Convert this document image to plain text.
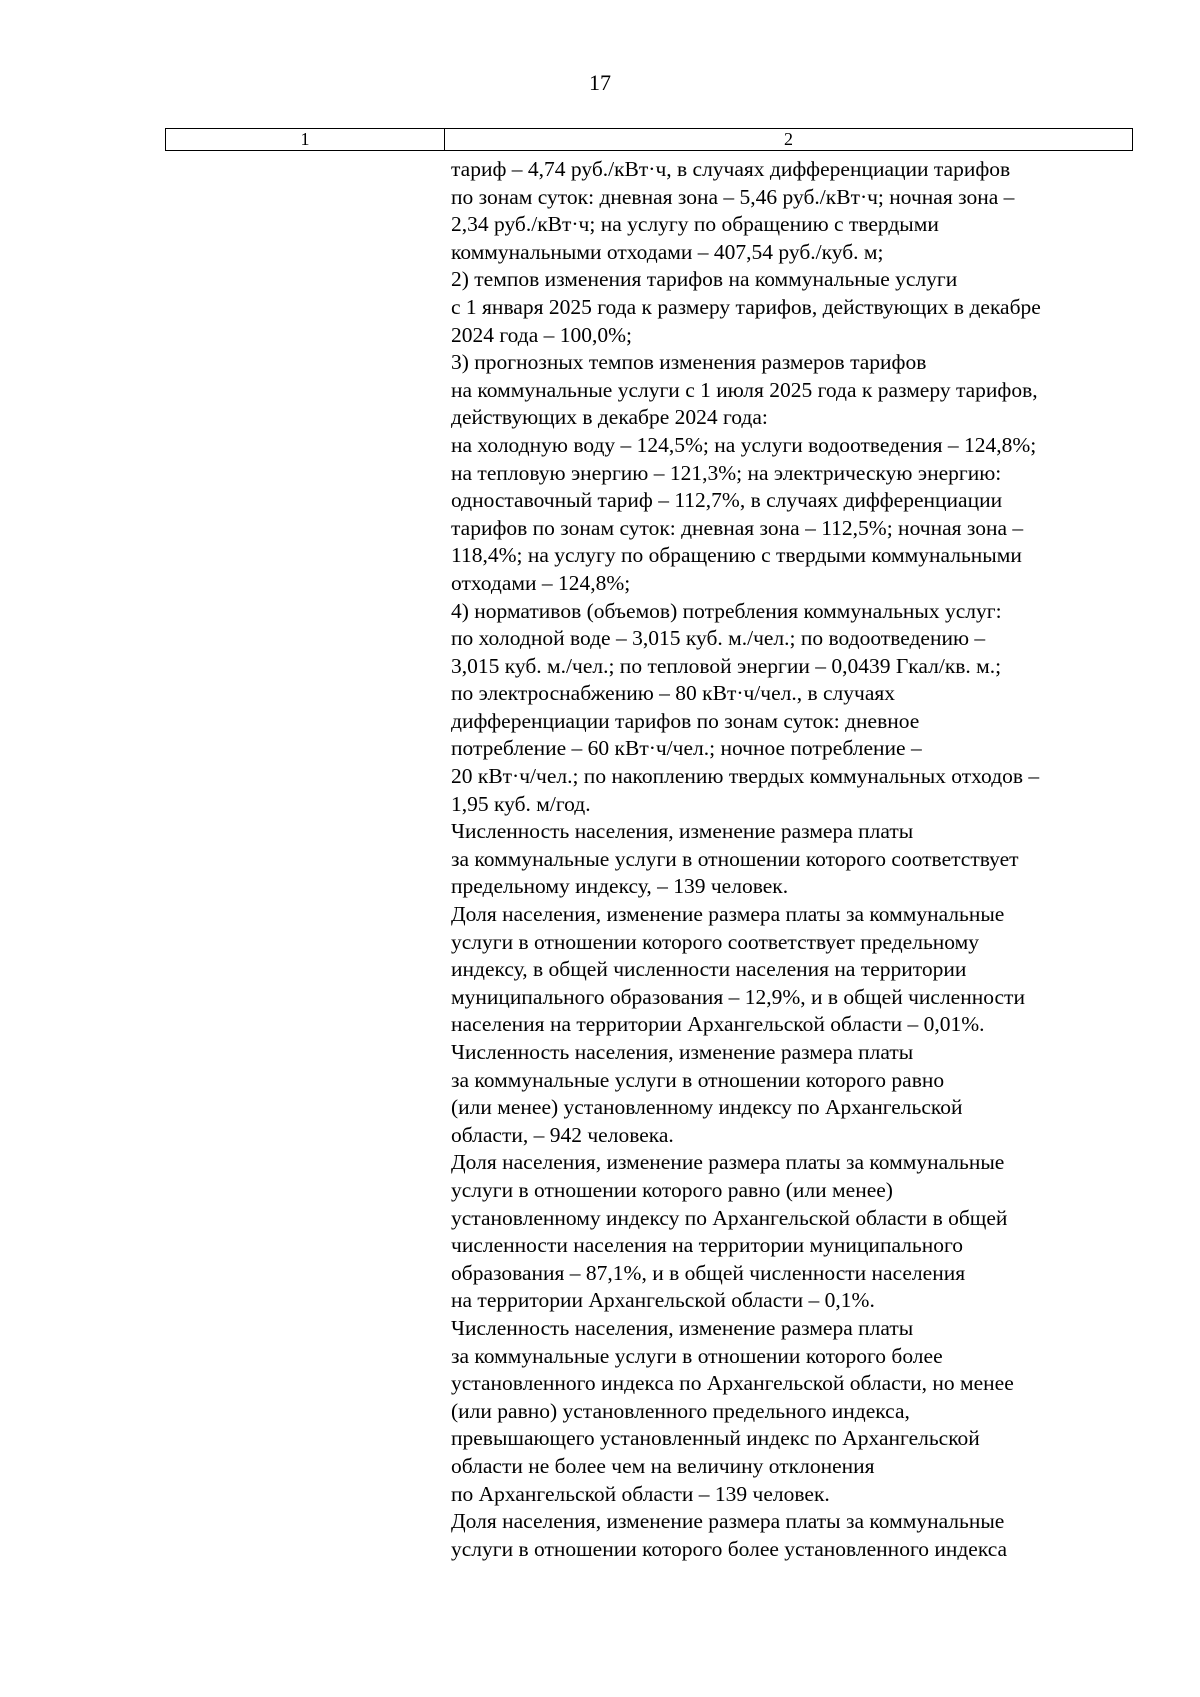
17
1	2
тариф – 4,74 руб./кВт·ч, в случаях дифференциации тарифов
по зонам суток: дневная зона – 5,46 руб./кВт·ч; ночная зона –
2,34 руб./кВт·ч; на услугу по обращению с твердыми
коммунальными отходами – 407,54 руб./куб. м;
2) темпов изменения тарифов на коммунальные услуги
с 1 января 2025 года к размеру тарифов, действующих в декабре
2024 года – 100,0%;
3) прогнозных темпов изменения размеров тарифов
на коммунальные услуги с 1 июля 2025 года к размеру тарифов,
действующих в декабре 2024 года:
на холодную воду – 124,5%; на услуги водоотведения – 124,8%;
на тепловую энергию – 121,3%; на электрическую энергию:
одноставочный тариф – 112,7%, в случаях дифференциации
тарифов по зонам суток: дневная зона – 112,5%; ночная зона –
118,4%; на услугу по обращению с твердыми коммунальными
отходами – 124,8%;
4) нормативов (объемов) потребления коммунальных услуг:
по холодной воде – 3,015 куб. м./чел.; по водоотведению –
3,015 куб. м./чел.; по тепловой энергии – 0,0439 Гкал/кв. м.;
по электроснабжению – 80 кВт·ч/чел., в случаях
дифференциации тарифов по зонам суток: дневное
потребление – 60 кВт·ч/чел.; ночное потребление –
20 кВт·ч/чел.; по накоплению твердых коммунальных отходов –
1,95 куб. м/год.
Численность населения, изменение размера платы
за коммунальные услуги в отношении которого соответствует
предельному индексу, – 139 человек.
Доля населения, изменение размера платы за коммунальные
услуги в отношении которого соответствует предельному
индексу, в общей численности населения на территории
муниципального образования – 12,9%, и в общей численности
населения на территории Архангельской области – 0,01%.
Численность населения, изменение размера платы
за коммунальные услуги в отношении которого равно
(или менее) установленному индексу по Архангельской
области, – 942 человека.
Доля населения, изменение размера платы за коммунальные
услуги в отношении которого равно (или менее)
установленному индексу по Архангельской области в общей
численности населения на территории муниципального
образования – 87,1%, и в общей численности населения
на территории Архангельской области – 0,1%.
Численность населения, изменение размера платы
за коммунальные услуги в отношении которого более
установленного индекса по Архангельской области, но менее
(или равно) установленного предельного индекса,
превышающего установленный индекс по Архангельской
области не более чем на величину отклонения
по Архангельской области – 139 человек.
Доля населения, изменение размера платы за коммунальные
услуги в отношении которого более установленного индекса
